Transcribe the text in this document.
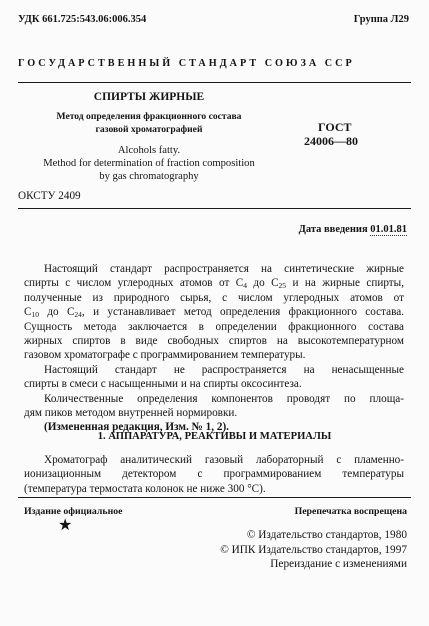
УДК 661.725:543.06:006.354	Группа Л29
ГОСУДАРСТВЕННЫЙ СТАНДАРТ СОЮЗА ССР
СПИРТЫ ЖИРНЫЕ
Метод определения фракционного состава
газовой хроматографией
Alcohols fatty.
Method for determination of fraction composition
by gas chromatography
ГОСТ
24006—80
ОКСТУ 2409
Дата введения 01.01.81
Настоящий стандарт распространяется на синтетические жирные
спирты с числом углеродных атомов от $C_4$ до $C_{25}$ и на жирные спирты,
полученные из природного сырья, с числом углеродных атомов от
$C_{10}$ до $C_{24}$, и устанавливает метод определения фракционного состава.
Сущность метода заключается в определении фракционного состава
жирных спиртов в виде свободных спиртов на высокотемпературном
газовом хроматографе с программированием температуры.
Настоящий стандарт не распространяется на ненасыщенные
спирты в смеси с насыщенными и на спирты оксосинтеза.
Количественные определения компонентов проводят по площа-
дям пиков методом внутренней нормировки.
(Измененная редакция, Изм. № 1, 2).
1. АППАРАТУРА, РЕАКТИВЫ И МАТЕРИАЛЫ
Хроматограф аналитический газовый лабораторный с пламенно-
ионизационным детектором с программированием температуры
(температура термостата колонок не ниже 300 °C).
Издание официальное	Перепечатка воспрещена
★
© Издательство стандартов, 1980
© ИПК Издательство стандартов, 1997
Переиздание с изменениями
